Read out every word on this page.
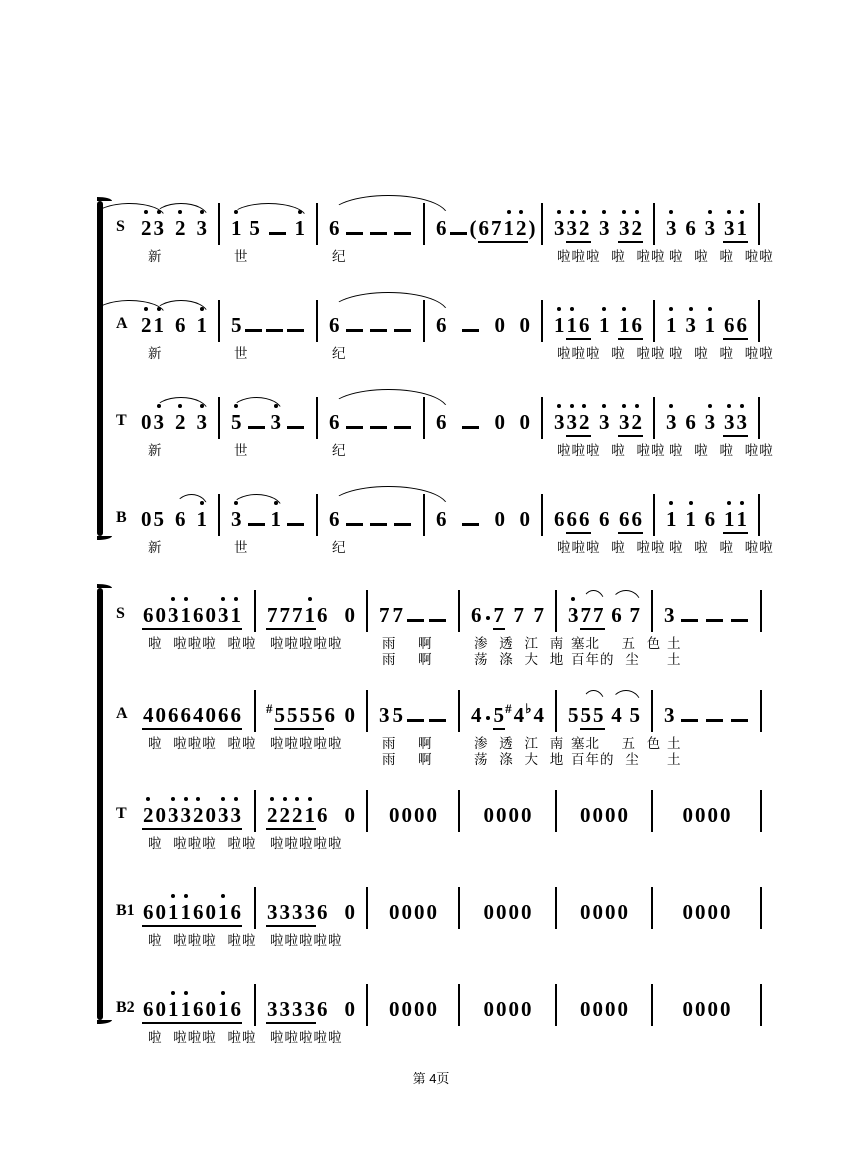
S 2 3 2 3 1 5 1 6	6 ( 6 7 1 2 ) 3 3 2 3 3 2 3 6 3 3 1
新	世	纪	啦啦啦 啦 啦啦 啦 啦 啦 啦啦
A 2 1 6 1 5	6	6 0 0 1 1 6 1 1 6 1 3 1 6 6
新	世	纪	啦啦啦 啦 啦啦 啦 啦 啦 啦啦
T 0 3 2 3 5 3 6	6 0 0 3 3 2 3 3 2 3 6 3 3 3
新	世	纪	啦啦啦 啦 啦啦 啦 啦 啦 啦啦
B 0 5 6 1 3 1 6	6 0 0 6 6 6 6 6 6 1 1 6 1 1
新	世	纪	啦啦啦 啦 啦啦 啦 啦 啦 啦啦
S 6 0 3 1 6 0 3 1 7 7 7 1 6 0 7 7	6 7 7 7 3 7 7 6 7 3
啦 啦啦啦 啦啦 啦啦啦啦啦	雨  啊
雨  啊
渗 透 江 南
荡 涤 大 地
塞北  五 色
百年的 尘
土
土
A 4 0 6 6 4 0 6 6 # 5 5 5 5 6 0 3 5	4 5 # 4 ♭ 4 5 5 5 4 5 3
啦 啦啦啦 啦啦 啦啦啦啦啦	雨  啊
雨  啊
渗 透 江 南
荡 涤 大 地
塞北  五 色
百年的 尘
土
土
T 2 0 3 3 2 0 3 3 2 2 2 1 6 0 0 0 0 0 0 0 0 0 0 0 0 0	0 0 0 0
啦 啦啦啦 啦啦 啦啦啦啦啦
B1 6 0 1 1 6 0 1 6 3 3 3 3 6 0 0 0 0 0 0 0 0 0 0 0 0 0	0 0 0 0
啦 啦啦啦 啦啦 啦啦啦啦啦
B2 6 0 1 1 6 0 1 6 3 3 3 3 6 0 0 0 0 0 0 0 0 0 0 0 0 0	0 0 0 0
啦 啦啦啦 啦啦 啦啦啦啦啦
第 4页
